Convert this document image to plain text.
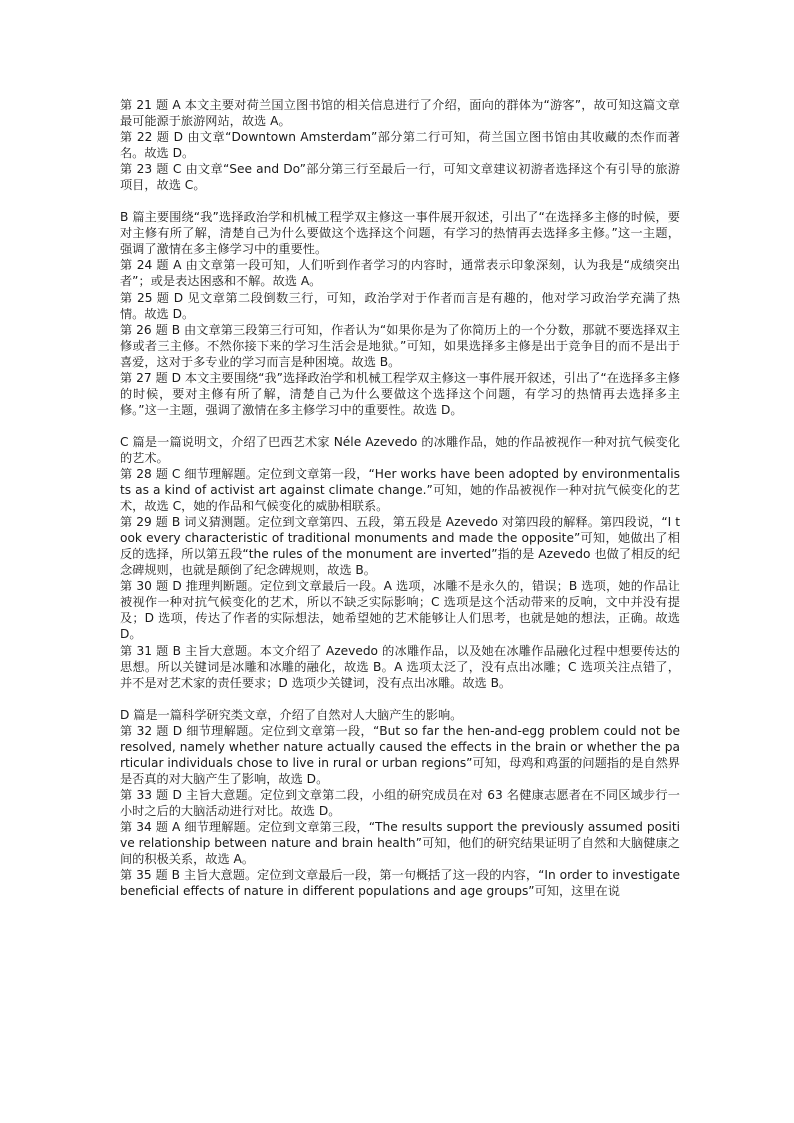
第 21 题 A 本文主要对荷兰国立图书馆的相关信息进行了介绍，面向的群体为“游客”，故可知这篇文章最可能源于旅游网站，故选 A。

第 22 题 D 由文章“Downtown Amsterdam”部分第二行可知，荷兰国立图书馆由其收藏的杰作而著名。故选 D。

第 23 题 C 由文章“See and Do”部分第三行至最后一行，可知文章建议初游者选择这个有引导的旅游项目，故选 C。

B 篇主要围绕“我”选择政治学和机械工程学双主修这一事件展开叙述，引出了“在选择多主修的时候，要对主修有所了解，清楚自己为什么要做这个选择这个问题，有学习的热情再去选择多主修。”这一主题，强调了激情在多主修学习中的重要性。

第 24 题 A 由文章第一段可知，人们听到作者学习的内容时，通常表示印象深刻，认为我是“成绩突出者”；或是表达困惑和不解。故选 A。

第 25 题 D 见文章第二段倒数三行，可知，政治学对于作者而言是有趣的，他对学习政治学充满了热情。故选 D。

第 26 题 B 由文章第三段第三行可知，作者认为“如果你是为了你简历上的一个分数，那就不要选择双主修或者三主修。不然你接下来的学习生活会是地狱。”可知，如果选择多主修是出于竞争目的而不是出于喜爱，这对于多专业的学习而言是种困境。故选 B。

第 27 题 D 本文主要围绕“我”选择政治学和机械工程学双主修这一事件展开叙述，引出了“在选择多主修的时候，要对主修有所了解，清楚自己为什么要做这个选择这个问题，有学习的热情再去选择多主修。”这一主题，强调了激情在多主修学习中的重要性。故选 D。

C 篇是一篇说明文，介绍了巴西艺术家 Néle Azevedo 的冰雕作品，她的作品被视作一种对抗气候变化的艺术。

第 28 题 C 细节理解题。定位到文章第一段，“Her works have been adopted by environmentalists as a kind of activist art against climate change.”可知，她的作品被视作一种对抗气候变化的艺术，故选 C，她的作品和气候变化的威胁相联系。

第 29 题 B 词义猜测题。定位到文章第四、五段，第五段是 Azevedo 对第四段的解释。第四段说，“I took every characteristic of traditional monuments and made the opposite”可知，她做出了相反的选择，所以第五段“the rules of the monument are inverted”指的是 Azevedo 也做了相反的纪念碑规则，也就是颠倒了纪念碑规则，故选 B。

第 30 题 D 推理判断题。定位到文章最后一段。A 选项，冰雕不是永久的，错误；B 选项，她的作品让被视作一种对抗气候变化的艺术，所以不缺乏实际影响；C 选项是这个活动带来的反响，文中并没有提及；D 选项，传达了作者的实际想法，她希望她的艺术能够让人们思考，也就是她的想法，正确。故选 D。

第 31 题 B 主旨大意题。本文介绍了 Azevedo 的冰雕作品，以及她在冰雕作品融化过程中想要传达的思想。所以关键词是冰雕和冰雕的融化，故选 B。A 选项太泛了，没有点出冰雕；C 选项关注点错了，并不是对艺术家的责任要求；D 选项少关键词，没有点出冰雕。故选 B。

D 篇是一篇科学研究类文章，介绍了自然对人大脑产生的影响。

第 32 题 D 细节理解题。定位到文章第一段，“But so far the hen-and-egg problem could not be resolved, namely whether nature actually caused the effects in the brain or whether the particular individuals chose to live in rural or urban regions”可知，母鸡和鸡蛋的问题指的是自然界是否真的对大脑产生了影响，故选 D。

第 33 题 D 主旨大意题。定位到文章第二段，小组的研究成员在对 63 名健康志愿者在不同区域步行一小时之后的大脑活动进行对比。故选 D。

第 34 题 A 细节理解题。定位到文章第三段，“The results support the previously assumed positive relationship between nature and brain health”可知，他们的研究结果证明了自然和大脑健康之间的积极关系，故选 A。

第 35 题 B 主旨大意题。定位到文章最后一段，第一句概括了这一段的内容，“In order to investigate beneficial effects of nature in different populations and age groups”可知，这里在说
